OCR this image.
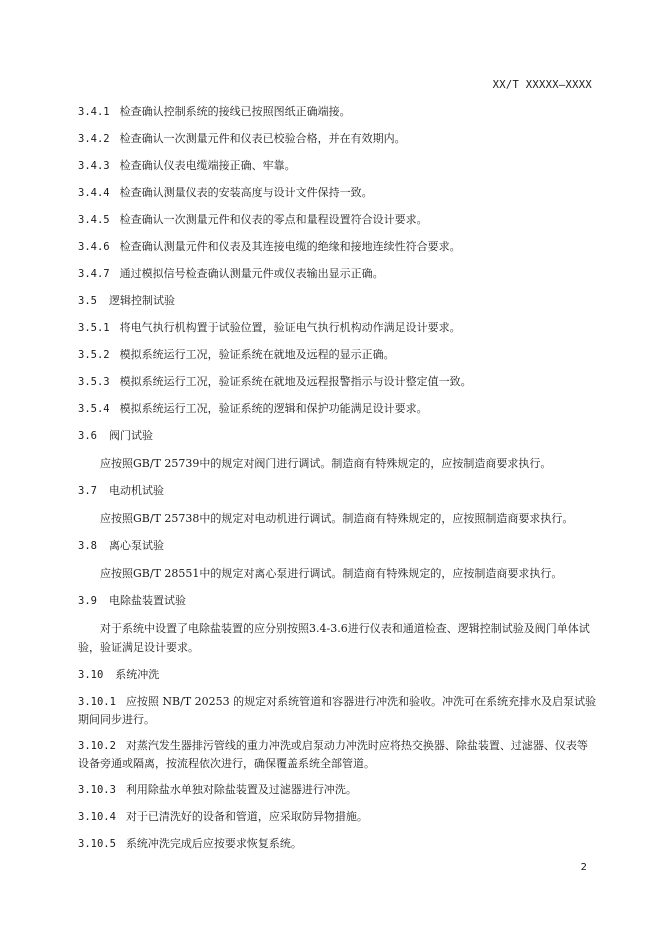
XX/T XXXXX—XXXX
3.4.1 检查确认控制系统的接线已按照图纸正确端接。
3.4.2 检查确认一次测量元件和仪表已校验合格，并在有效期内。
3.4.3 检查确认仪表电缆端接正确、牢靠。
3.4.4 检查确认测量仪表的安装高度与设计文件保持一致。
3.4.5 检查确认一次测量元件和仪表的零点和量程设置符合设计要求。
3.4.6 检查确认测量元件和仪表及其连接电缆的绝缘和接地连续性符合要求。
3.4.7 通过模拟信号检查确认测量元件或仪表输出显示正确。
3.5 逻辑控制试验
3.5.1 将电气执行机构置于试验位置，验证电气执行机构动作满足设计要求。
3.5.2 模拟系统运行工况，验证系统在就地及远程的显示正确。
3.5.3 模拟系统运行工况，验证系统在就地及远程报警指示与设计整定值一致。
3.5.4 模拟系统运行工况，验证系统的逻辑和保护功能满足设计要求。
3.6 阀门试验
应按照GB/T 25739中的规定对阀门进行调试。制造商有特殊规定的，应按制造商要求执行。
3.7 电动机试验
应按照GB/T 25738中的规定对电动机进行调试。制造商有特殊规定的，应按照制造商要求执行。
3.8 离心泵试验
应按照GB/T 28551中的规定对离心泵进行调试。制造商有特殊规定的，应按制造商要求执行。
3.9 电除盐装置试验
对于系统中设置了电除盐装置的应分别按照3.4-3.6进行仪表和通道检查、逻辑控制试验及阀门单体试验，验证满足设计要求。
3.10 系统冲洗
3.10.1 应按照 NB/T 20253 的规定对系统管道和容器进行冲洗和验收。冲洗可在系统充排水及启泵试验期间同步进行。
3.10.2 对蒸汽发生器排污管线的重力冲洗或启泵动力冲洗时应将热交换器、除盐装置、过滤器、仪表等设备旁通或隔离，按流程依次进行，确保覆盖系统全部管道。
3.10.3 利用除盐水单独对除盐装置及过滤器进行冲洗。
3.10.4 对于已清洗好的设备和管道，应采取防异物措施。
3.10.5 系统冲洗完成后应按要求恢复系统。
2
